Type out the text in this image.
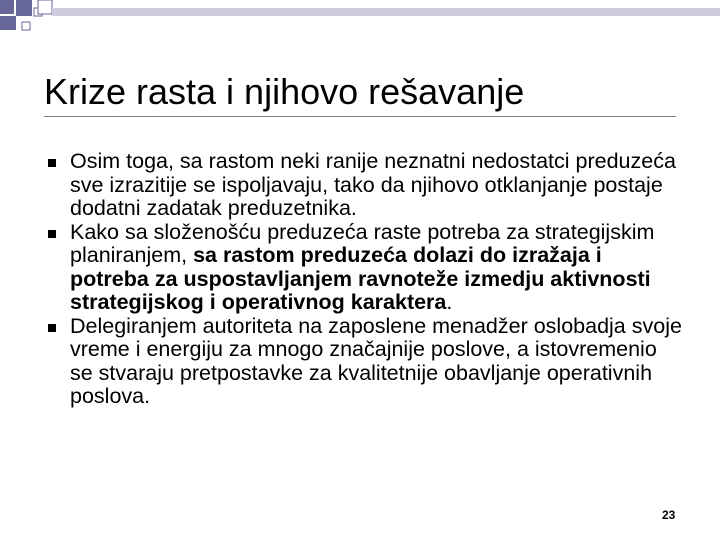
Krize rasta i njihovo rešavanje
Osim toga, sa rastom neki ranije neznatni nedostatci preduzeća sve izrazitije se ispoljavaju, tako da njihovo otklanjanje postaje dodatni zadatak preduzetnika.
Kako sa složenošću preduzeća raste potreba za strategijskim planiranjem, sa rastom preduzeća dolazi do izražaja i potreba za uspostavljanjem ravnoteže izmedju aktivnosti strategijskog i operativnog karaktera.
Delegiranjem autoriteta na zaposlene menadžer oslobadja svoje vreme i energiju za mnogo značajnije poslove, a istovremenio se stvaraju pretpostavke za kvalitetnije obavljanje operativnih poslova.
23
